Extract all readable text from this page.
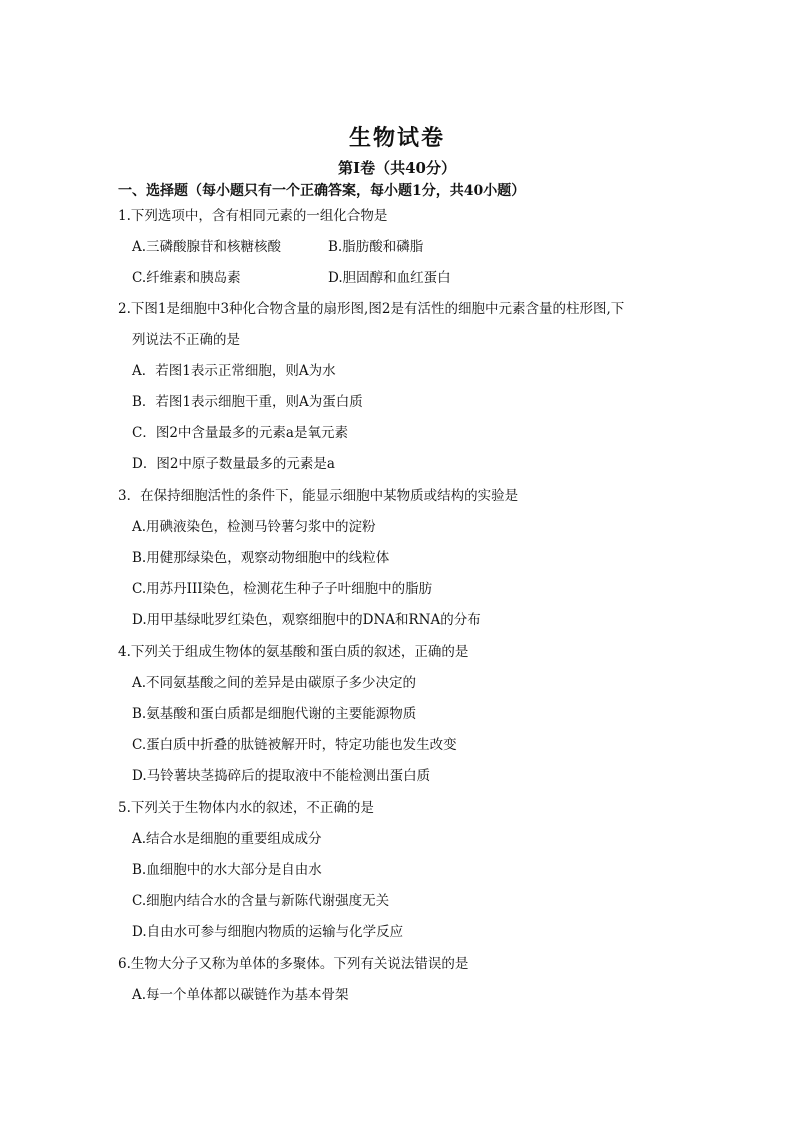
生物试卷
第Ⅰ卷（共40分）
一、选择题（每小题只有一个正确答案，每小题1分，共40小题）
1.下列选项中，含有相同元素的一组化合物是
A.三磷酸腺苷和核糖核酸	B.脂肪酸和磷脂
C.纤维素和胰岛素	D.胆固醇和血红蛋白
2.下图1是细胞中3种化合物含量的扇形图,图2是有活性的细胞中元素含量的柱形图,下
列说法不正确的是
A．若图1表示正常细胞，则A为水
B．若图1表示细胞干重，则A为蛋白质
C．图2中含量最多的元素a是氧元素
D．图2中原子数量最多的元素是a
3．在保持细胞活性的条件下，能显示细胞中某物质或结构的实验是
A.用碘液染色，检测马铃薯匀浆中的淀粉
B.用健那绿染色，观察动物细胞中的线粒体
C.用苏丹III染色，检测花生种子子叶细胞中的脂肪
D.用甲基绿吡罗红染色，观察细胞中的DNA和RNA的分布
4.下列关于组成生物体的氨基酸和蛋白质的叙述，正确的是
A.不同氨基酸之间的差异是由碳原子多少决定的
B.氨基酸和蛋白质都是细胞代谢的主要能源物质
C.蛋白质中折叠的肽链被解开时，特定功能也发生改变
D.马铃薯块茎捣碎后的提取液中不能检测出蛋白质
5.下列关于生物体内水的叙述，不正确的是
A.结合水是细胞的重要组成成分
B.血细胞中的水大部分是自由水
C.细胞内结合水的含量与新陈代谢强度无关
D.自由水可参与细胞内物质的运输与化学反应
6.生物大分子又称为单体的多聚体。下列有关说法错误的是
A.每一个单体都以碳链作为基本骨架
